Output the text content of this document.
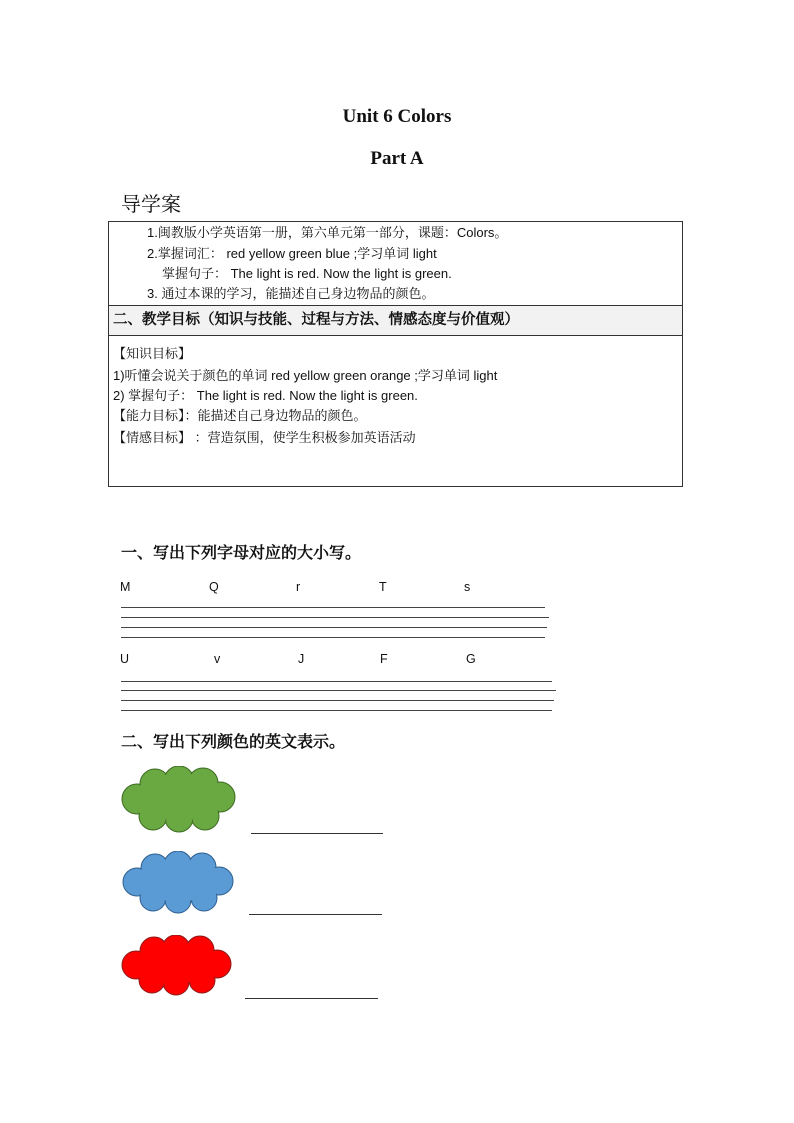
Unit 6 Colors
Part A
导学案
1.闽教版小学英语第一册，第六单元第一部分，课题：Colors。
2.掌握词汇： red yellow green blue ;学习单词 light
掌握句子： The light is red. Now the light is green.
3. 通过本课的学习，能描述自己身边物品的颜色。
二、教学目标（知识与技能、过程与方法、情感态度与价值观）
【知识目标】
1)听懂会说关于颜色的单词 red yellow green orange ;学习单词 light
2) 掌握句子： The light is red. Now the light is green.
【能力目标】：能描述自己身边物品的颜色。
【情感目标】 ：营造氛围，使学生积极参加英语活动
一、写出下列字母对应的大小写。
M	Q	r	T	s
U	v	J	F	G
二、写出下列颜色的英文表示。
